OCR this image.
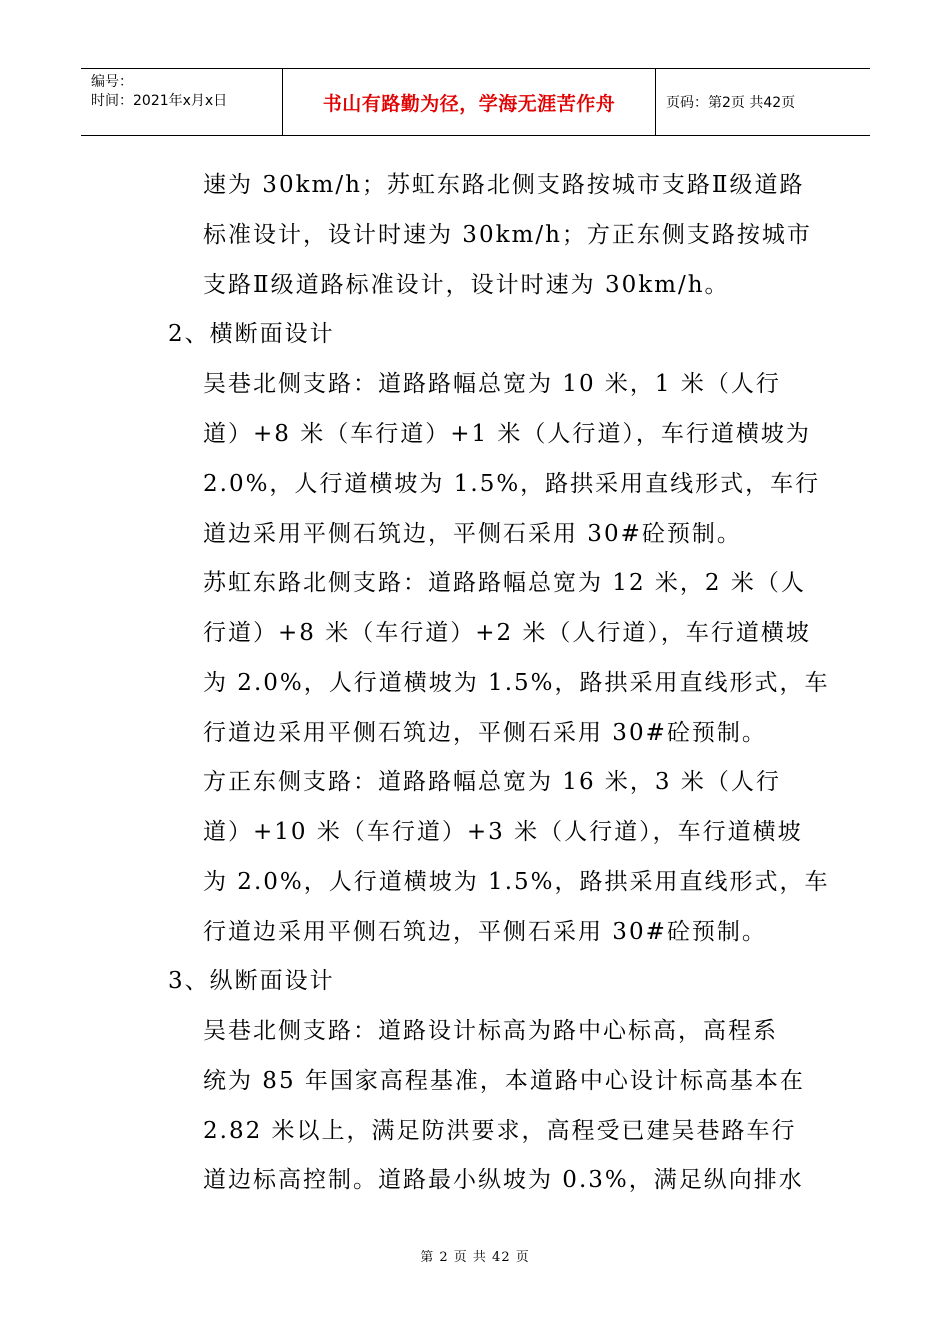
编号：
时间：2021年x月x日	书山有路勤为径，学海无涯苦作舟	页码：第2页 共42页
速为 30km/h；苏虹东路北侧支路按城市支路Ⅱ级道路
标准设计，设计时速为 30km/h；方正东侧支路按城市
支路Ⅱ级道路标准设计，设计时速为 30km/h。
2、横断面设计
吴巷北侧支路：道路路幅总宽为 10 米，1 米（人行
道）+8 米（车行道）+1 米（人行道），车行道横坡为
2.0%，人行道横坡为 1.5%，路拱采用直线形式，车行
道边采用平侧石筑边，平侧石采用 30#砼预制。
苏虹东路北侧支路：道路路幅总宽为 12 米，2 米（人
行道）+8 米（车行道）+2 米（人行道），车行道横坡
为 2.0%，人行道横坡为 1.5%，路拱采用直线形式，车
行道边采用平侧石筑边，平侧石采用 30#砼预制。
方正东侧支路：道路路幅总宽为 16 米，3 米（人行
道）+10 米（车行道）+3 米（人行道），车行道横坡
为 2.0%，人行道横坡为 1.5%，路拱采用直线形式，车
行道边采用平侧石筑边，平侧石采用 30#砼预制。
3、纵断面设计
吴巷北侧支路：道路设计标高为路中心标高，高程系
统为 85 年国家高程基准，本道路中心设计标高基本在
2.82 米以上，满足防洪要求，高程受已建吴巷路车行
道边标高控制。道路最小纵坡为 0.3%，满足纵向排水
第 2 页 共 42 页
